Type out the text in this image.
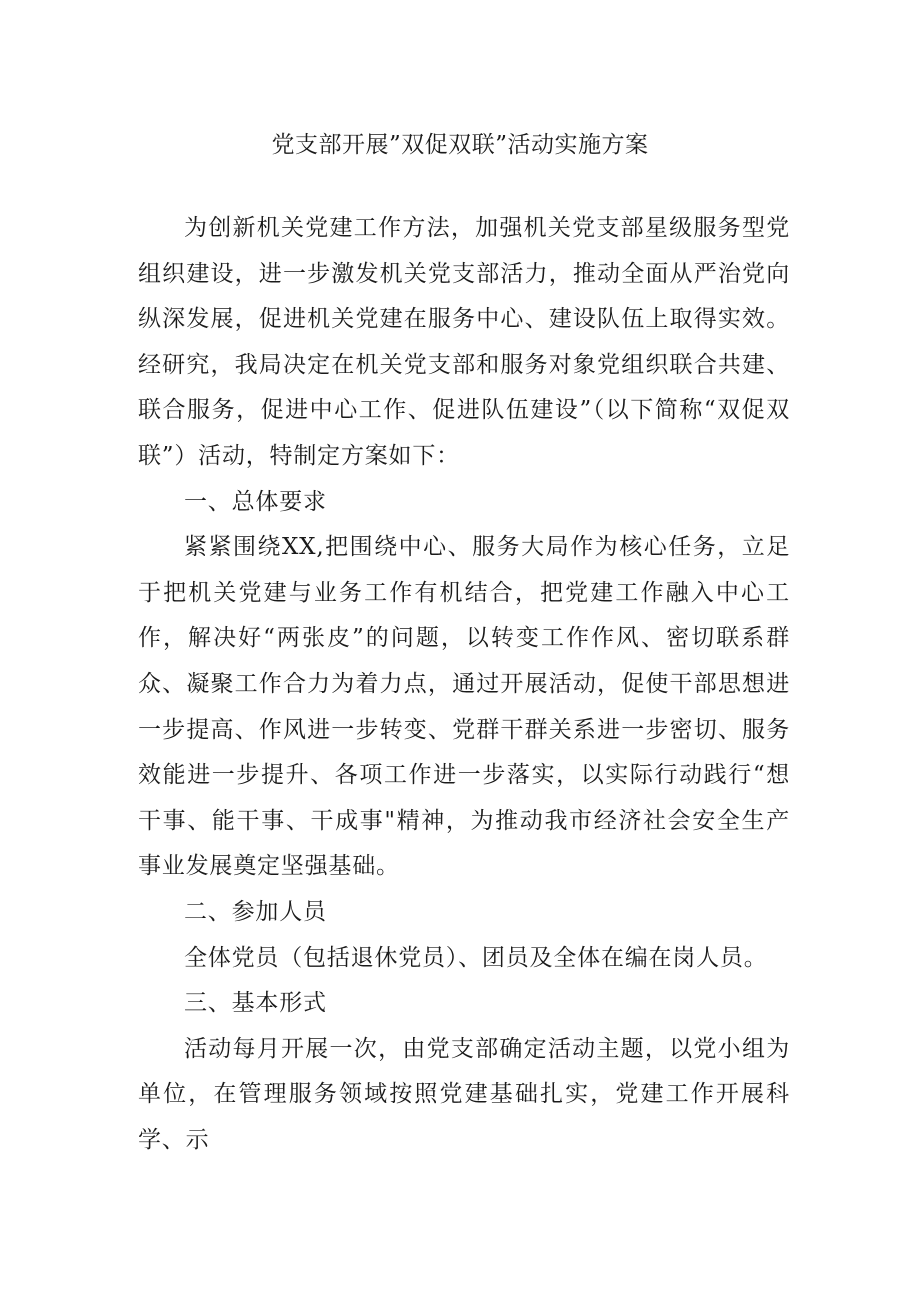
党支部开展”双促双联”活动实施方案

为创新机关党建工作方法，加强机关党支部星级服务型党组织建设，进一步激发机关党支部活力，推动全面从严治党向纵深发展，促进机关党建在服务中心、建设队伍上取得实效。经研究，我局决定在机关党支部和服务对象党组织联合共建、联合服务，促进中心工作、促进队伍建设”（以下简称“双促双联”）活动，特制定方案如下：

一、总体要求

紧紧围绕XX,把围绕中心、服务大局作为核心任务，立足于把机关党建与业务工作有机结合，把党建工作融入中心工作，解决好“两张皮”的问题，以转变工作作风、密切联系群众、凝聚工作合力为着力点，通过开展活动，促使干部思想进一步提高、作风进一步转变、党群干群关系进一步密切、服务效能进一步提升、各项工作进一步落实，以实际行动践行“想干事、能干事、干成事"精神，为推动我市经济社会安全生产事业发展奠定坚强基础。

二、参加人员

全体党员（包括退休党员）、团员及全体在编在岗人员。

三、基本形式

活动每月开展一次，由党支部确定活动主题，以党小组为单位，在管理服务领域按照党建基础扎实，党建工作开展科学、示
